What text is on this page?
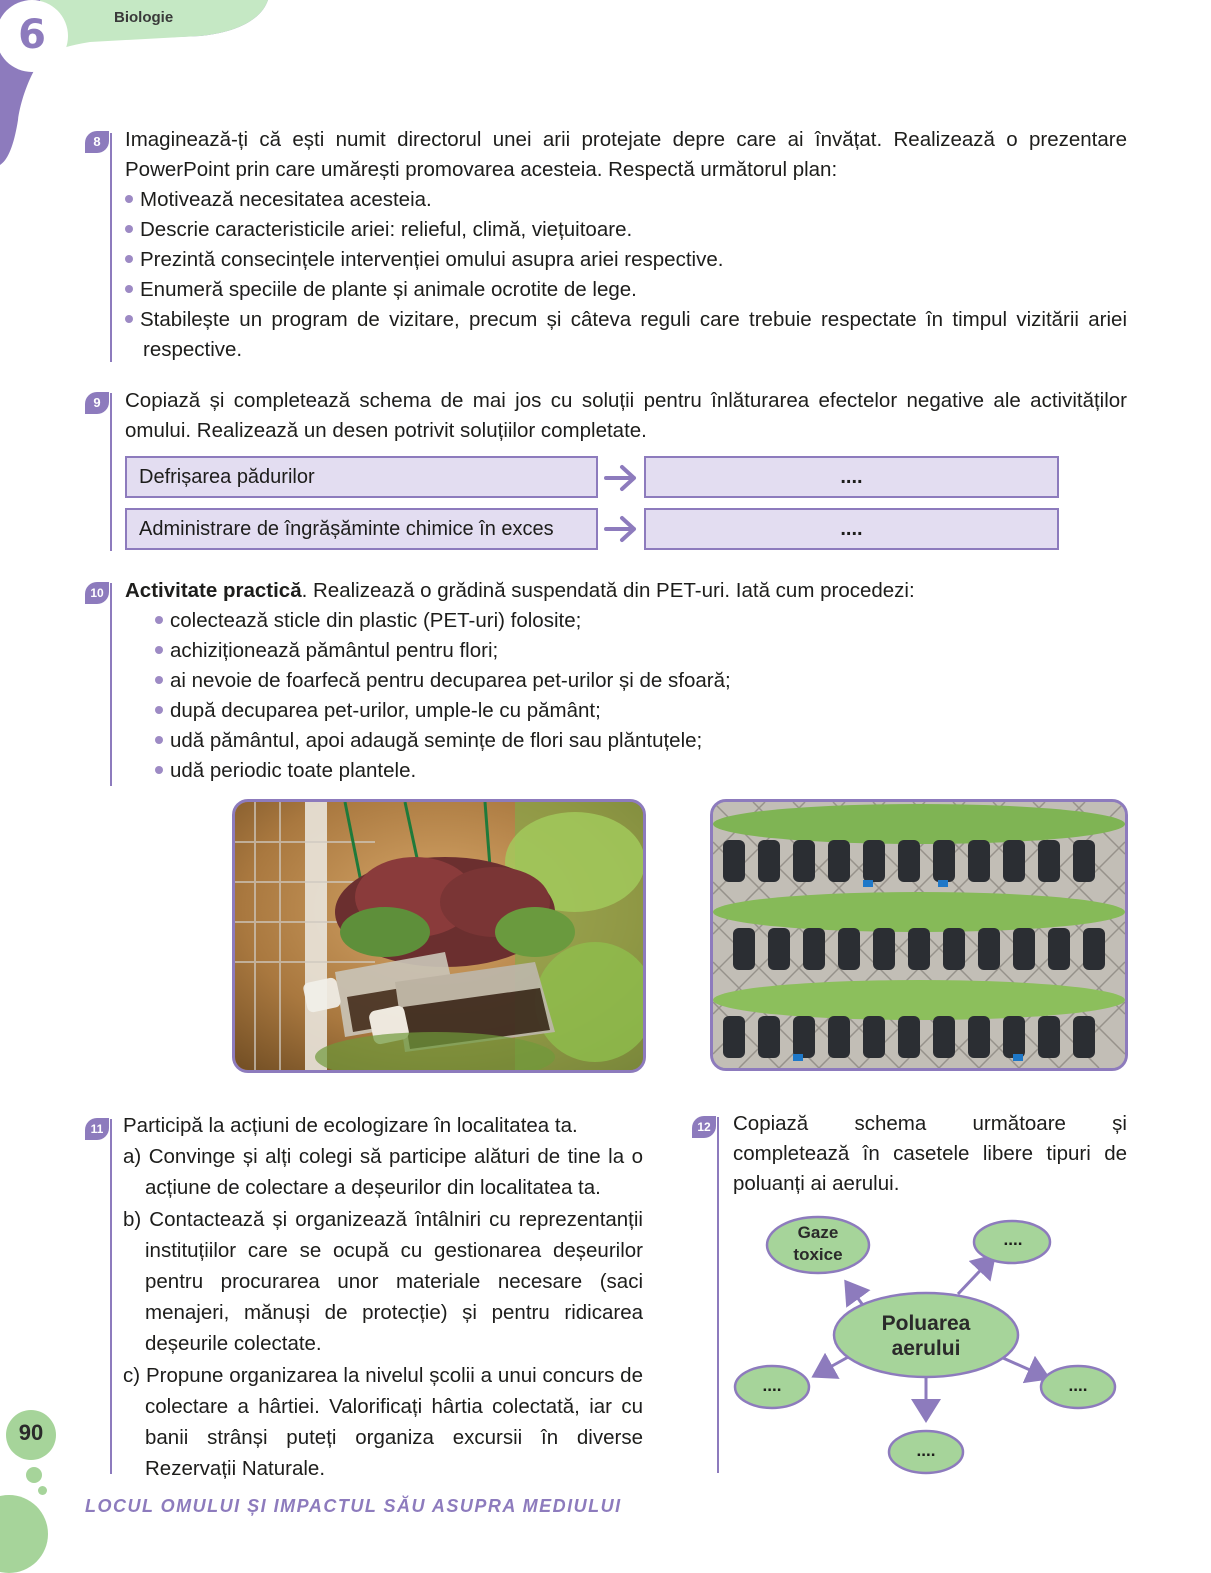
6	Biologie
8	Imaginează-ți că ești numit directorul unei arii protejate depre care ai învățat. Realizează o prezentare PowerPoint prin care umărești promovarea acesteia. Respectă următorul plan:
Motivează necesitatea acesteia.
Descrie caracteristicile ariei: relieful, climă, viețuitoare.
Prezintă consecințele intervenției omului asupra ariei respective.
Enumeră speciile de plante și animale ocrotite de lege.
Stabilește un program de vizitare, precum și câteva reguli care trebuie respectate în timpul vizitării ariei respective.
9	Copiază și completează schema de mai jos cu soluții pentru înlăturarea efectelor negative ale activităților omului. Realizează un desen potrivit soluțiilor completate.
Defrișarea pădurilor	....
Administrare de îngrășăminte chimice în exces	....
10 Activitate practică. Realizează o grădină suspendată din PET-uri. Iată cum procedezi:
colectează sticle din plastic (PET-uri) folosite;
achiziționează pământul pentru flori;
ai nevoie de foarfecă pentru decuparea pet-urilor și de sfoară;
după decuparea pet-urilor, umple-le cu pământ;
udă pământul, apoi adaugă semințe de flori sau plăntuțele;
udă periodic toate plantele.
11 Participă la acțiuni de ecologizare în localitatea ta.
a) Convinge și alți colegi să participe alături de tine la o acțiune de colectare a deșeurilor din localitatea ta.
b) Contactează și organizează întâlniri cu reprezentanții instituțiilor care se ocupă cu gestionarea deșeurilor pentru procurarea unor materiale necesare (saci menajeri, mănuși de protecție) și pentru ridicarea deșeurile colectate.
c) Propune organizarea la nivelul școlii a unui concurs de colectare a hârtiei. Valorificați hârtia colectată, iar cu banii strânși puteți organiza excursii în diverse Rezervații Naturale.
12 Copiază schema următoare și completează în casetele libere tipuri de poluanți ai aerului.
Poluarea
aerului
Gaze
toxice
....
....	....
....
90
LOCUL OMULUI ȘI IMPACTUL SĂU ASUPRA MEDIULUI
